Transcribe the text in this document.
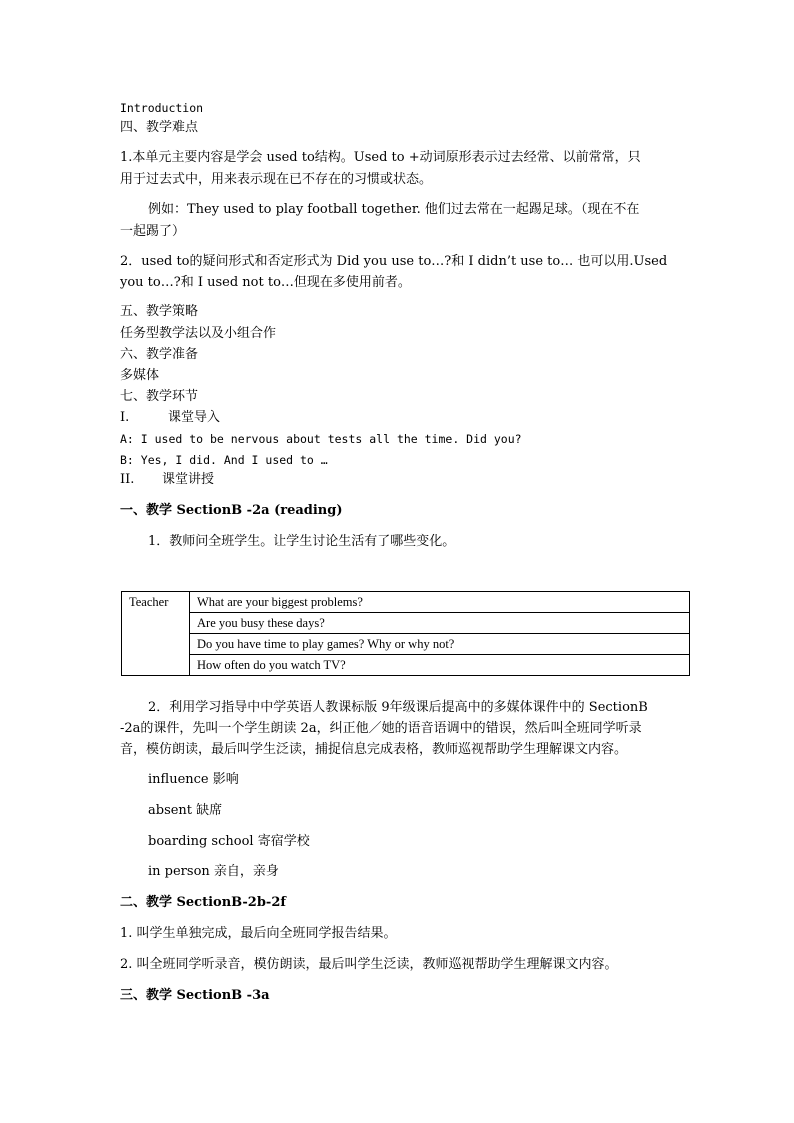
Introduction
四、教学难点
1.本单元主要内容是学会 used to结构。Used to +动词原形表示过去经常、以前常常，只
用于过去式中，用来表示现在已不存在的习惯或状态。
例如：They used to play football together. 他们过去常在一起踢足球。（现在不在
一起踢了）
2．used to的疑问形式和否定形式为 Did you use to…?和 I didn’t use to… 也可以用.Used
you to…?和 I used not to…但现在多使用前者。
五、教学策略
任务型教学法以及小组合作
六、教学准备
多媒体
七、教学环节
I.	课堂导入
A: I used to be nervous about tests all the time. Did you?
B: Yes, I did. And I used to …
II. 课堂讲授
一、教学 SectionB -2a (reading)
1．教师问全班学生。让学生讨论生活有了哪些变化。
Teacher	What are your biggest problems?
Are you busy these days?
Do you have time to play games? Why or why not?
How often do you watch TV?
2．利用学习指导中中学英语人教课标版 9年级课后提高中的多媒体课件中的 SectionB
-2a的课件，先叫一个学生朗读 2a，纠正他／她的语音语调中的错误，然后叫全班同学听录
音，模仿朗读，最后叫学生泛读，捕捉信息完成表格，教师巡视帮助学生理解课文内容。
influence 影响
absent 缺席
boarding school 寄宿学校
in person 亲自，亲身
二、教学 SectionB-2b-2f
1. 叫学生单独完成，最后向全班同学报告结果。
2. 叫全班同学听录音，模仿朗读，最后叫学生泛读，教师巡视帮助学生理解课文内容。
三、教学 SectionB -3a
